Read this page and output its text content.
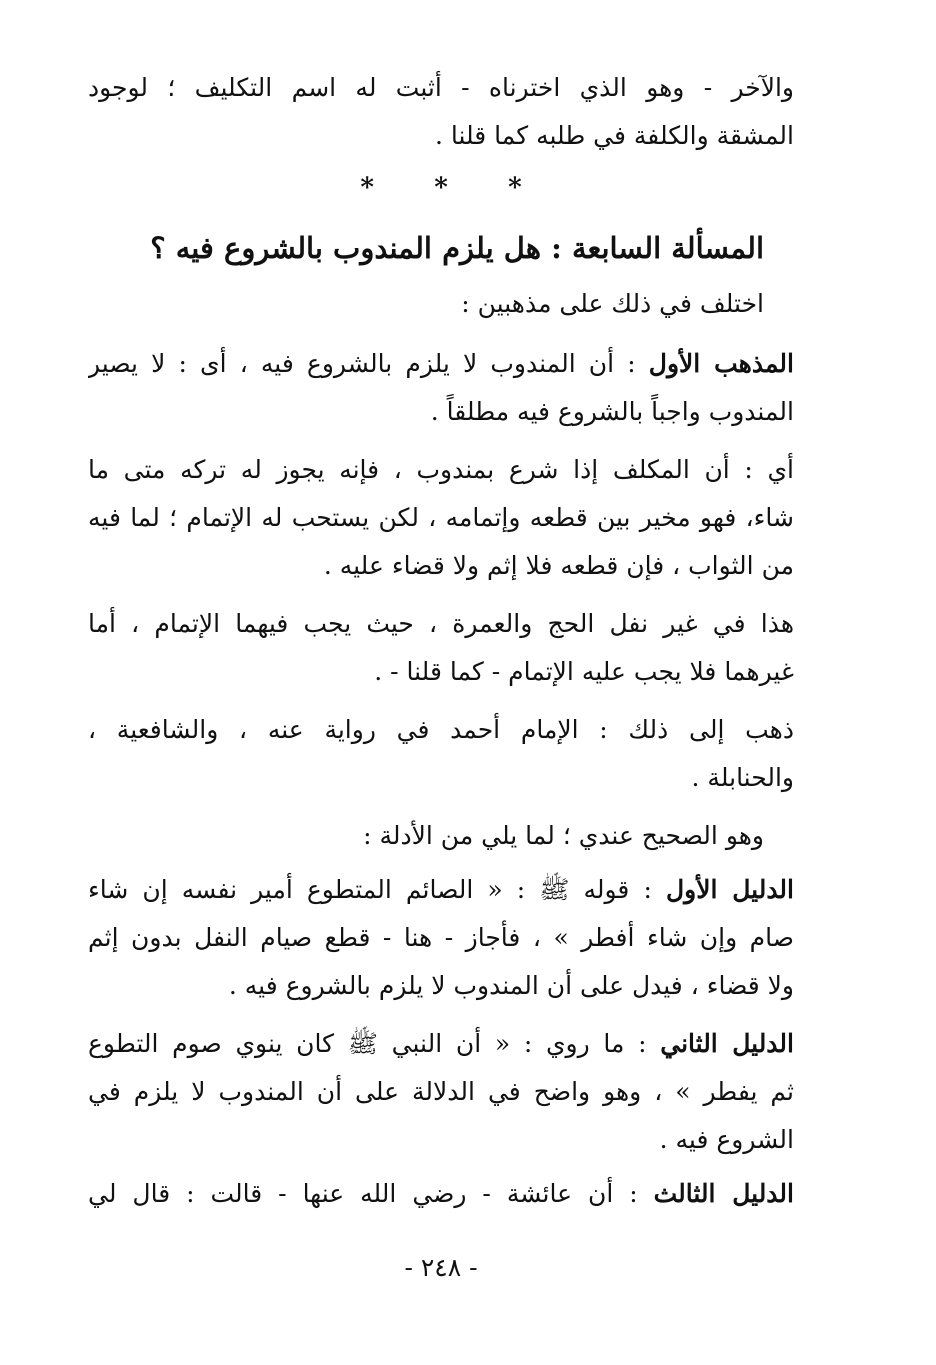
والآخر - وهو الذي اخترناه - أثبت له اسم التكليف ؛ لوجود
المشقة والكلفة في طلبه كما قلنا .
* * *
المسألة السابعة : هل يلزم المندوب بالشروع فيه ؟
اختلف في ذلك على مذهبين :
المذهب الأول : أن المندوب لا يلزم بالشروع فيه ، أى : لا يصير
المندوب واجباً بالشروع فيه مطلقاً .
أي : أن المكلف إذا شرع بمندوب ، فإنه يجوز له تركه متى ما
شاء، فهو مخير بين قطعه وإتمامه ، لكن يستحب له الإتمام ؛ لما فيه
من الثواب ، فإن قطعه فلا إثم ولا قضاء عليه .
هذا في غير نفل الحج والعمرة ، حيث يجب فيهما الإتمام ، أما
غيرهما فلا يجب عليه الإتمام - كما قلنا - .
ذهب إلى ذلك : الإمام أحمد في رواية عنه ، والشافعية ،
والحنابلة .
وهو الصحيح عندي ؛ لما يلي من الأدلة :
الدليل الأول : قوله ﷺ : « الصائم المتطوع أمير نفسه إن شاء
صام وإن شاء أفطر » ، فأجاز - هنا - قطع صيام النفل بدون إثم
ولا قضاء ، فيدل على أن المندوب لا يلزم بالشروع فيه .
الدليل الثاني : ما روي : « أن النبي ﷺ كان ينوي صوم التطوع
ثم يفطر » ، وهو واضح في الدلالة على أن المندوب لا يلزم في
الشروع فيه .
الدليل الثالث : أن عائشة - رضي الله عنها - قالت : قال لي
- ٢٤٨ -
